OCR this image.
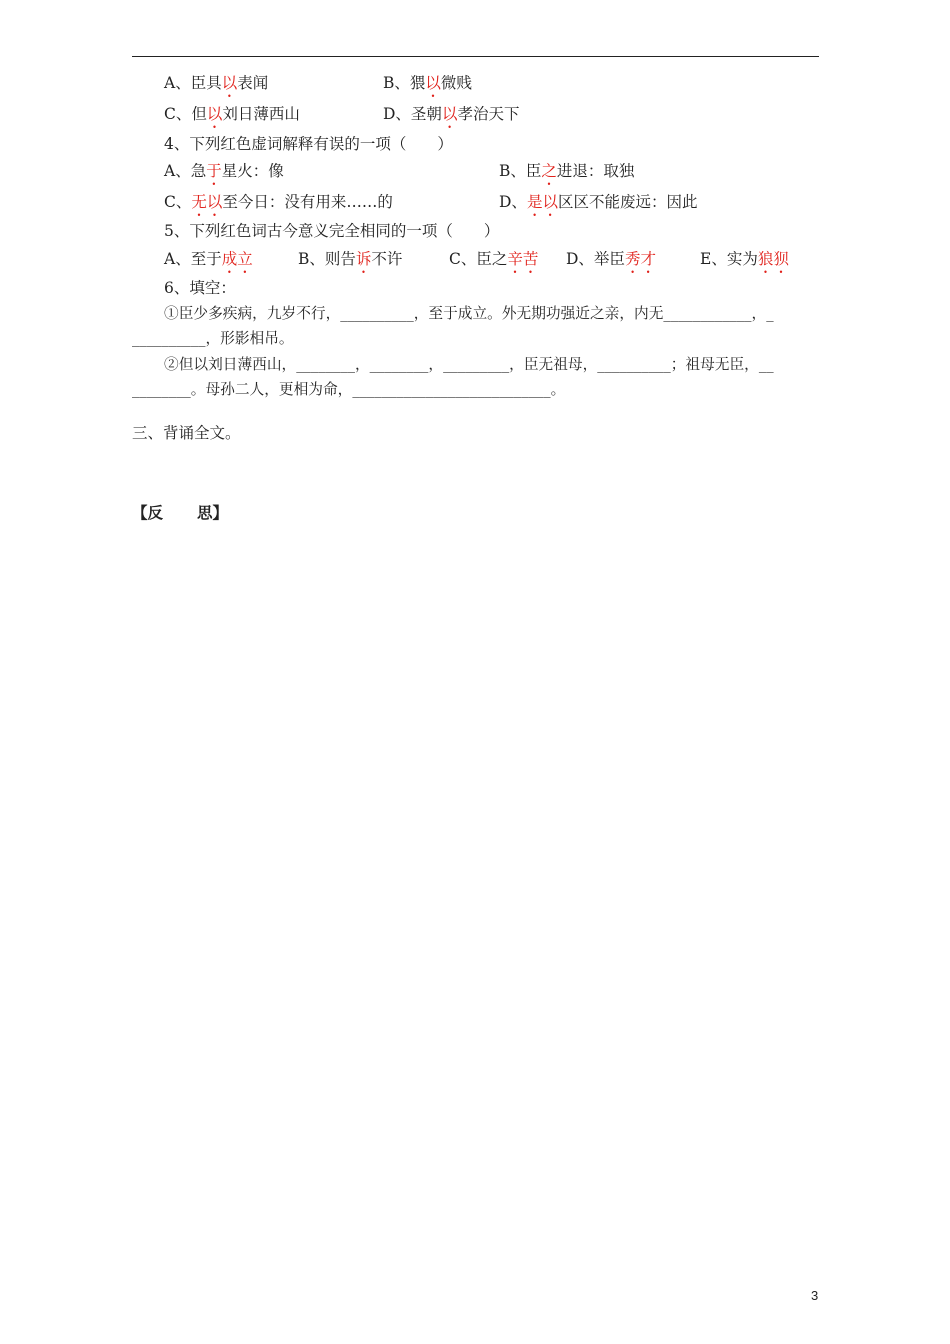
A、臣具以表闻	B、猥以微贱
C、但以刘日薄西山	D、圣朝以孝治天下
4、下列红色虚词解释有误的一项（　　）
A、急于星火：像	B、臣之进退：取独
C、无以至今日：没有用来……的	D、是以区区不能废远：因此
5、下列红色词古今意义完全相同的一项（　　）
A、至于成立	B、则告诉不许	C、臣之辛苦 D、举臣秀才	E、实为狼狈
6、填空：
①臣少多疾病，九岁不行，__________，至于成立。外无期功强近之亲，内无____________，_
__________，形影相吊。
②但以刘日薄西山，________，________，_________，臣无祖母，__________；祖母无臣，__
________。母孙二人，更相为命，___________________________。
三、背诵全文。
【反 思】
3
